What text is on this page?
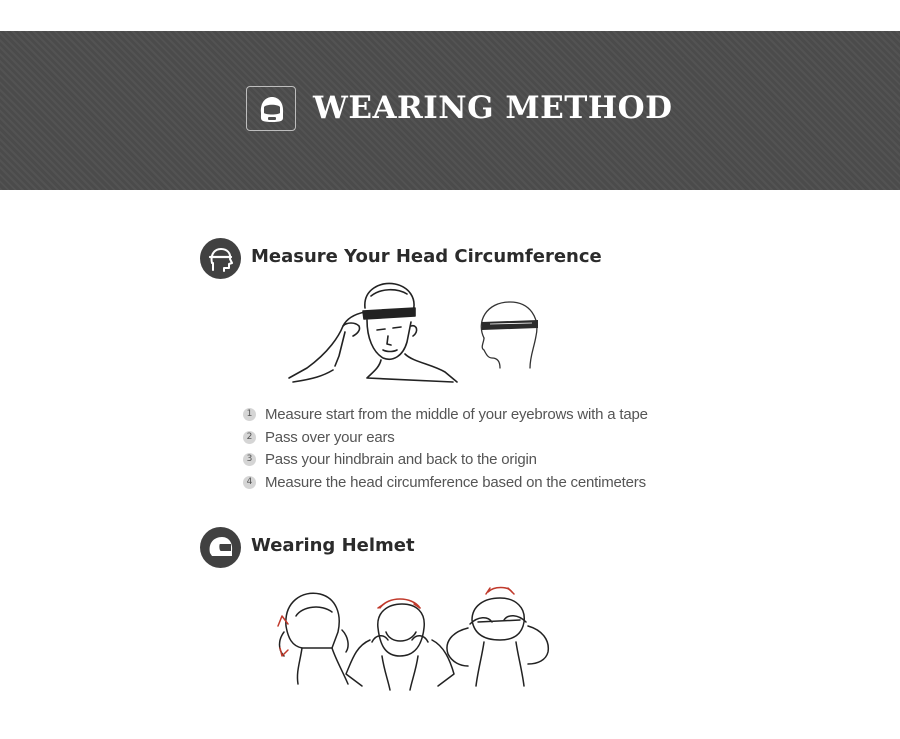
WEARING METHOD
Measure Your Head Circumference
1 Measure start from the middle of your eyebrows with a tape
2 Pass over your ears
3 Pass your hindbrain and back to the origin
4 Measure the head circumference based on the centimeters
Wearing Helmet
